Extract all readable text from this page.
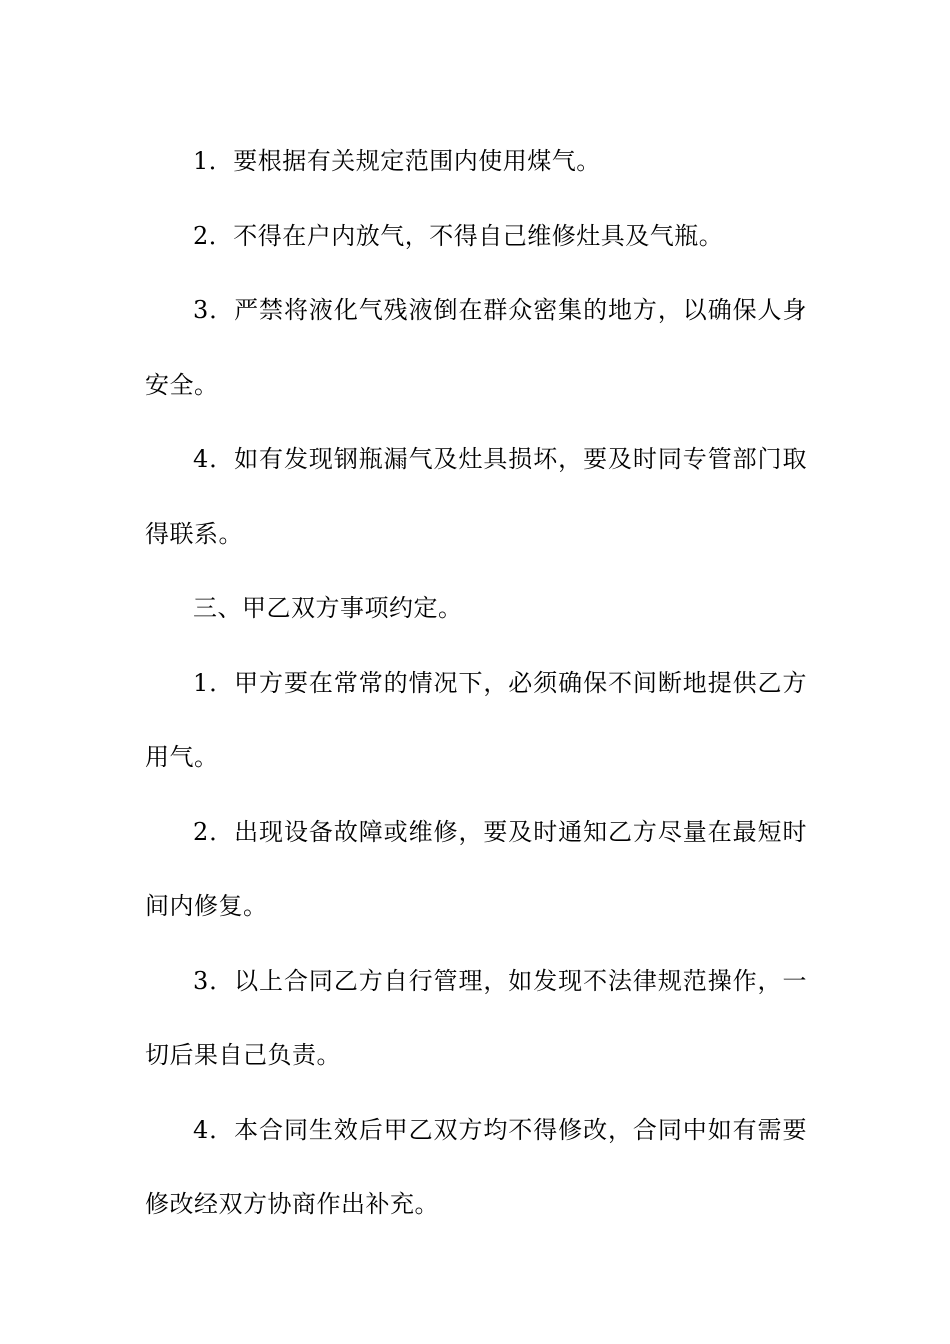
1．要根据有关规定范围内使用煤气。

2．不得在户内放气，不得自己维修灶具及气瓶。

3．严禁将液化气残液倒在群众密集的地方，以确保人身安全。

4．如有发现钢瓶漏气及灶具损坏，要及时同专管部门取得联系。

三、甲乙双方事项约定。

1．甲方要在常常的情况下，必须确保不间断地提供乙方用气。

2．出现设备故障或维修，要及时通知乙方尽量在最短时间内修复。

3．以上合同乙方自行管理，如发现不法律规范操作，一切后果自己负责。

4．本合同生效后甲乙双方均不得修改，合同中如有需要修改经双方协商作出补充。
